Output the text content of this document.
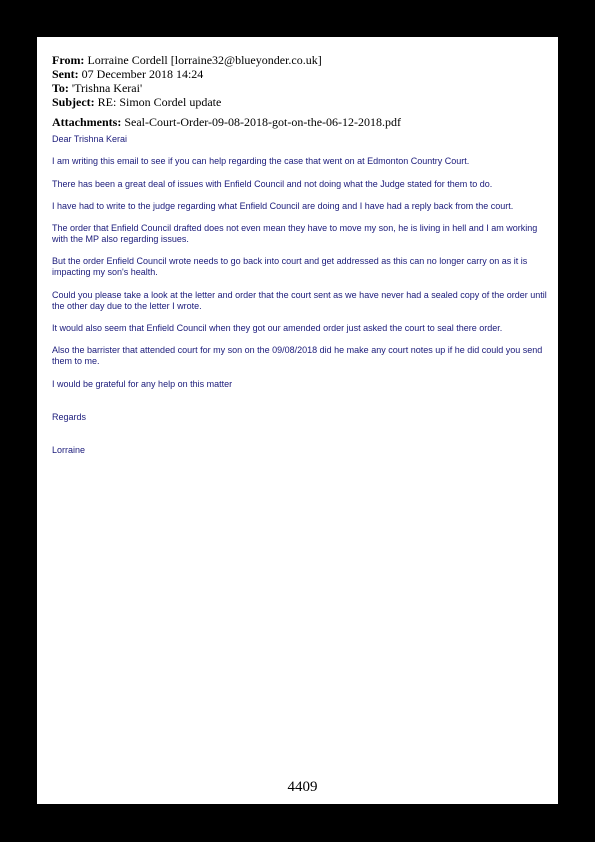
From: Lorraine Cordell [lorraine32@blueyonder.co.uk]
Sent: 07 December 2018 14:24
To: 'Trishna Kerai'
Subject: RE: Simon Cordel update
Attachments: Seal-Court-Order-09-08-2018-got-on-the-06-12-2018.pdf

Dear Trishna Kerai

I am writing this email to see if you can help regarding the case that went on at Edmonton Country Court.

There has been a great deal of issues with Enfield Council and not doing what the Judge stated for them to do.

I have had to write to the judge regarding what Enfield Council are doing and I have had a reply back from the court.

The order that Enfield Council drafted does not even mean they have to move my son, he is living in hell and I am working with the MP also regarding issues.

But the order Enfield Council wrote needs to go back into court and get addressed as this can no longer carry on as it is impacting my son's health.

Could you please take a look at the letter and order that the court sent as we have never had a sealed copy of the order until the other day due to the letter I wrote.

It would also seem that Enfield Council when they got our amended order just asked the court to seal there order.

Also the barrister that attended court for my son on the 09/08/2018 did he make any court notes up if he did could you send them to me.

I would be grateful for any help on this matter

Regards

Lorraine

4409
